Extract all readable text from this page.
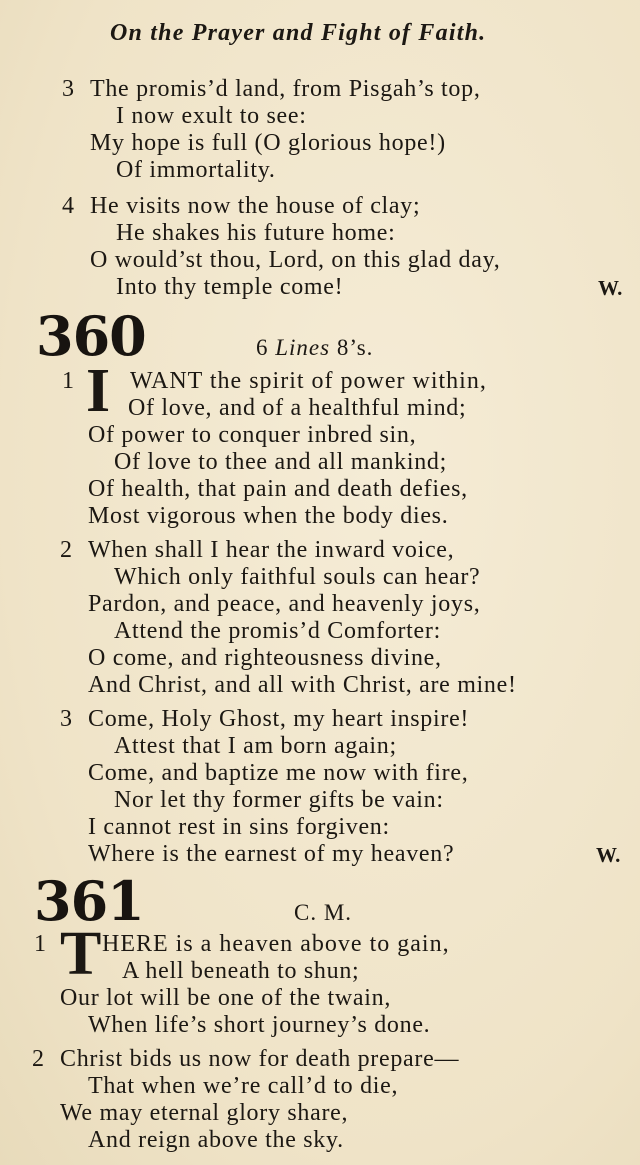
On the Prayer and Fight of Faith.
3 The promis’d land, from Pisgah’s top,
I now exult to see:
My hope is full (O glorious hope!)
Of immortality.
4 He visits now the house of clay;
He shakes his future home:
O would’st thou, Lord, on this glad day,
Into thy temple come!	W.
360	6 Lines 8’s.
1 I WANT the spirit of power within,
Of love, and of a healthful mind;
Of power to conquer inbred sin,
Of love to thee and all mankind;
Of health, that pain and death defies,
Most vigorous when the body dies.
2 When shall I hear the inward voice,
Which only faithful souls can hear?
Pardon, and peace, and heavenly joys,
Attend the promis’d Comforter:
O come, and righteousness divine,
And Christ, and all with Christ, are mine!
3 Come, Holy Ghost, my heart inspire!
Attest that I am born again;
Come, and baptize me now with fire,
Nor let thy former gifts be vain:
I cannot rest in sins forgiven:
Where is the earnest of my heaven?	W.
361	C. M.
1 T HERE is a heaven above to gain,
A hell beneath to shun;
Our lot will be one of the twain,
When life’s short journey’s done.
2 Christ bids us now for death prepare—
That when we’re call’d to die,
We may eternal glory share,
And reign above the sky.
